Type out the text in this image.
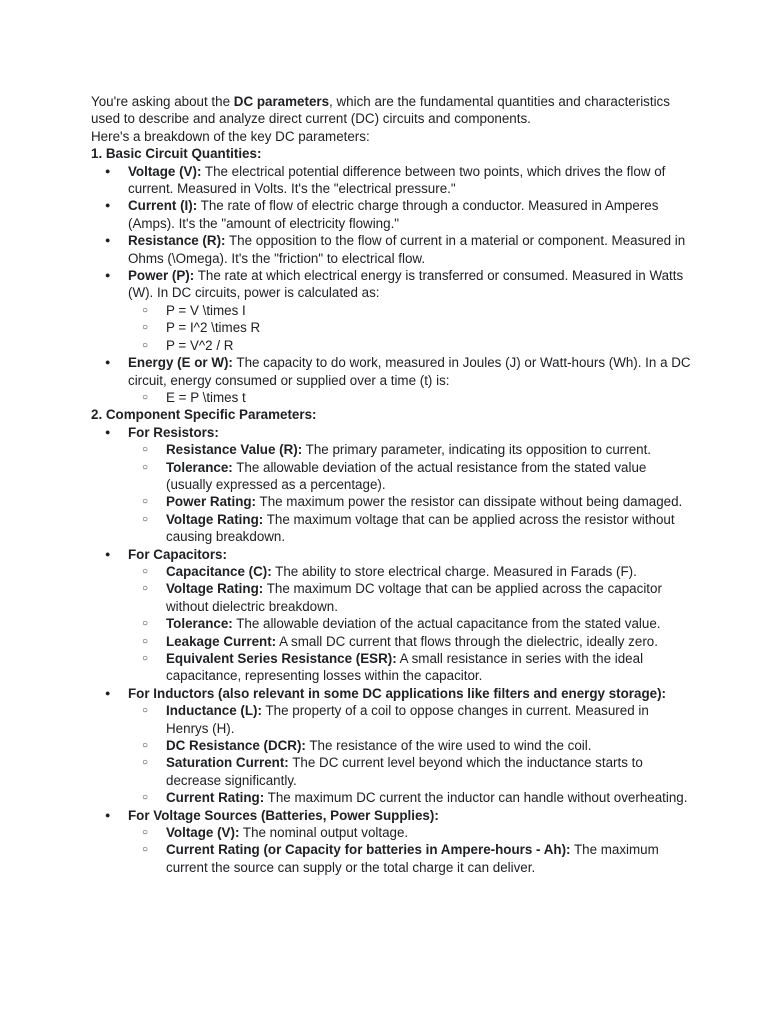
You're asking about the DC parameters, which are the fundamental quantities and characteristics used to describe and analyze direct current (DC) circuits and components.

Here's a breakdown of the key DC parameters:

1. Basic Circuit Quantities:

● Voltage (V): The electrical potential difference between two points, which drives the flow of current. Measured in Volts. It's the "electrical pressure."
● Current (I): The rate of flow of electric charge through a conductor. Measured in Amperes (Amps). It's the "amount of electricity flowing."
● Resistance (R): The opposition to the flow of current in a material or component. Measured in Ohms (\Omega). It's the "friction" to electrical flow.
● Power (P): The rate at which electrical energy is transferred or consumed. Measured in Watts (W). In DC circuits, power is calculated as:
○ P = V \times I
○ P = I^2 \times R
○ P = V^2 / R
● Energy (E or W): The capacity to do work, measured in Joules (J) or Watt-hours (Wh). In a DC circuit, energy consumed or supplied over a time (t) is:
○ E = P \times t

2. Component Specific Parameters:

● For Resistors:
○ Resistance Value (R): The primary parameter, indicating its opposition to current.
○ Tolerance: The allowable deviation of the actual resistance from the stated value (usually expressed as a percentage).
○ Power Rating: The maximum power the resistor can dissipate without being damaged.
○ Voltage Rating: The maximum voltage that can be applied across the resistor without causing breakdown.
● For Capacitors:
○ Capacitance (C): The ability to store electrical charge. Measured in Farads (F).
○ Voltage Rating: The maximum DC voltage that can be applied across the capacitor without dielectric breakdown.
○ Tolerance: The allowable deviation of the actual capacitance from the stated value.
○ Leakage Current: A small DC current that flows through the dielectric, ideally zero.
○ Equivalent Series Resistance (ESR): A small resistance in series with the ideal capacitance, representing losses within the capacitor.
● For Inductors (also relevant in some DC applications like filters and energy storage):
○ Inductance (L): The property of a coil to oppose changes in current. Measured in Henrys (H).
○ DC Resistance (DCR): The resistance of the wire used to wind the coil.
○ Saturation Current: The DC current level beyond which the inductance starts to decrease significantly.
○ Current Rating: The maximum DC current the inductor can handle without overheating.
● For Voltage Sources (Batteries, Power Supplies):
○ Voltage (V): The nominal output voltage.
○ Current Rating (or Capacity for batteries in Ampere-hours - Ah): The maximum current the source can supply or the total charge it can deliver.
